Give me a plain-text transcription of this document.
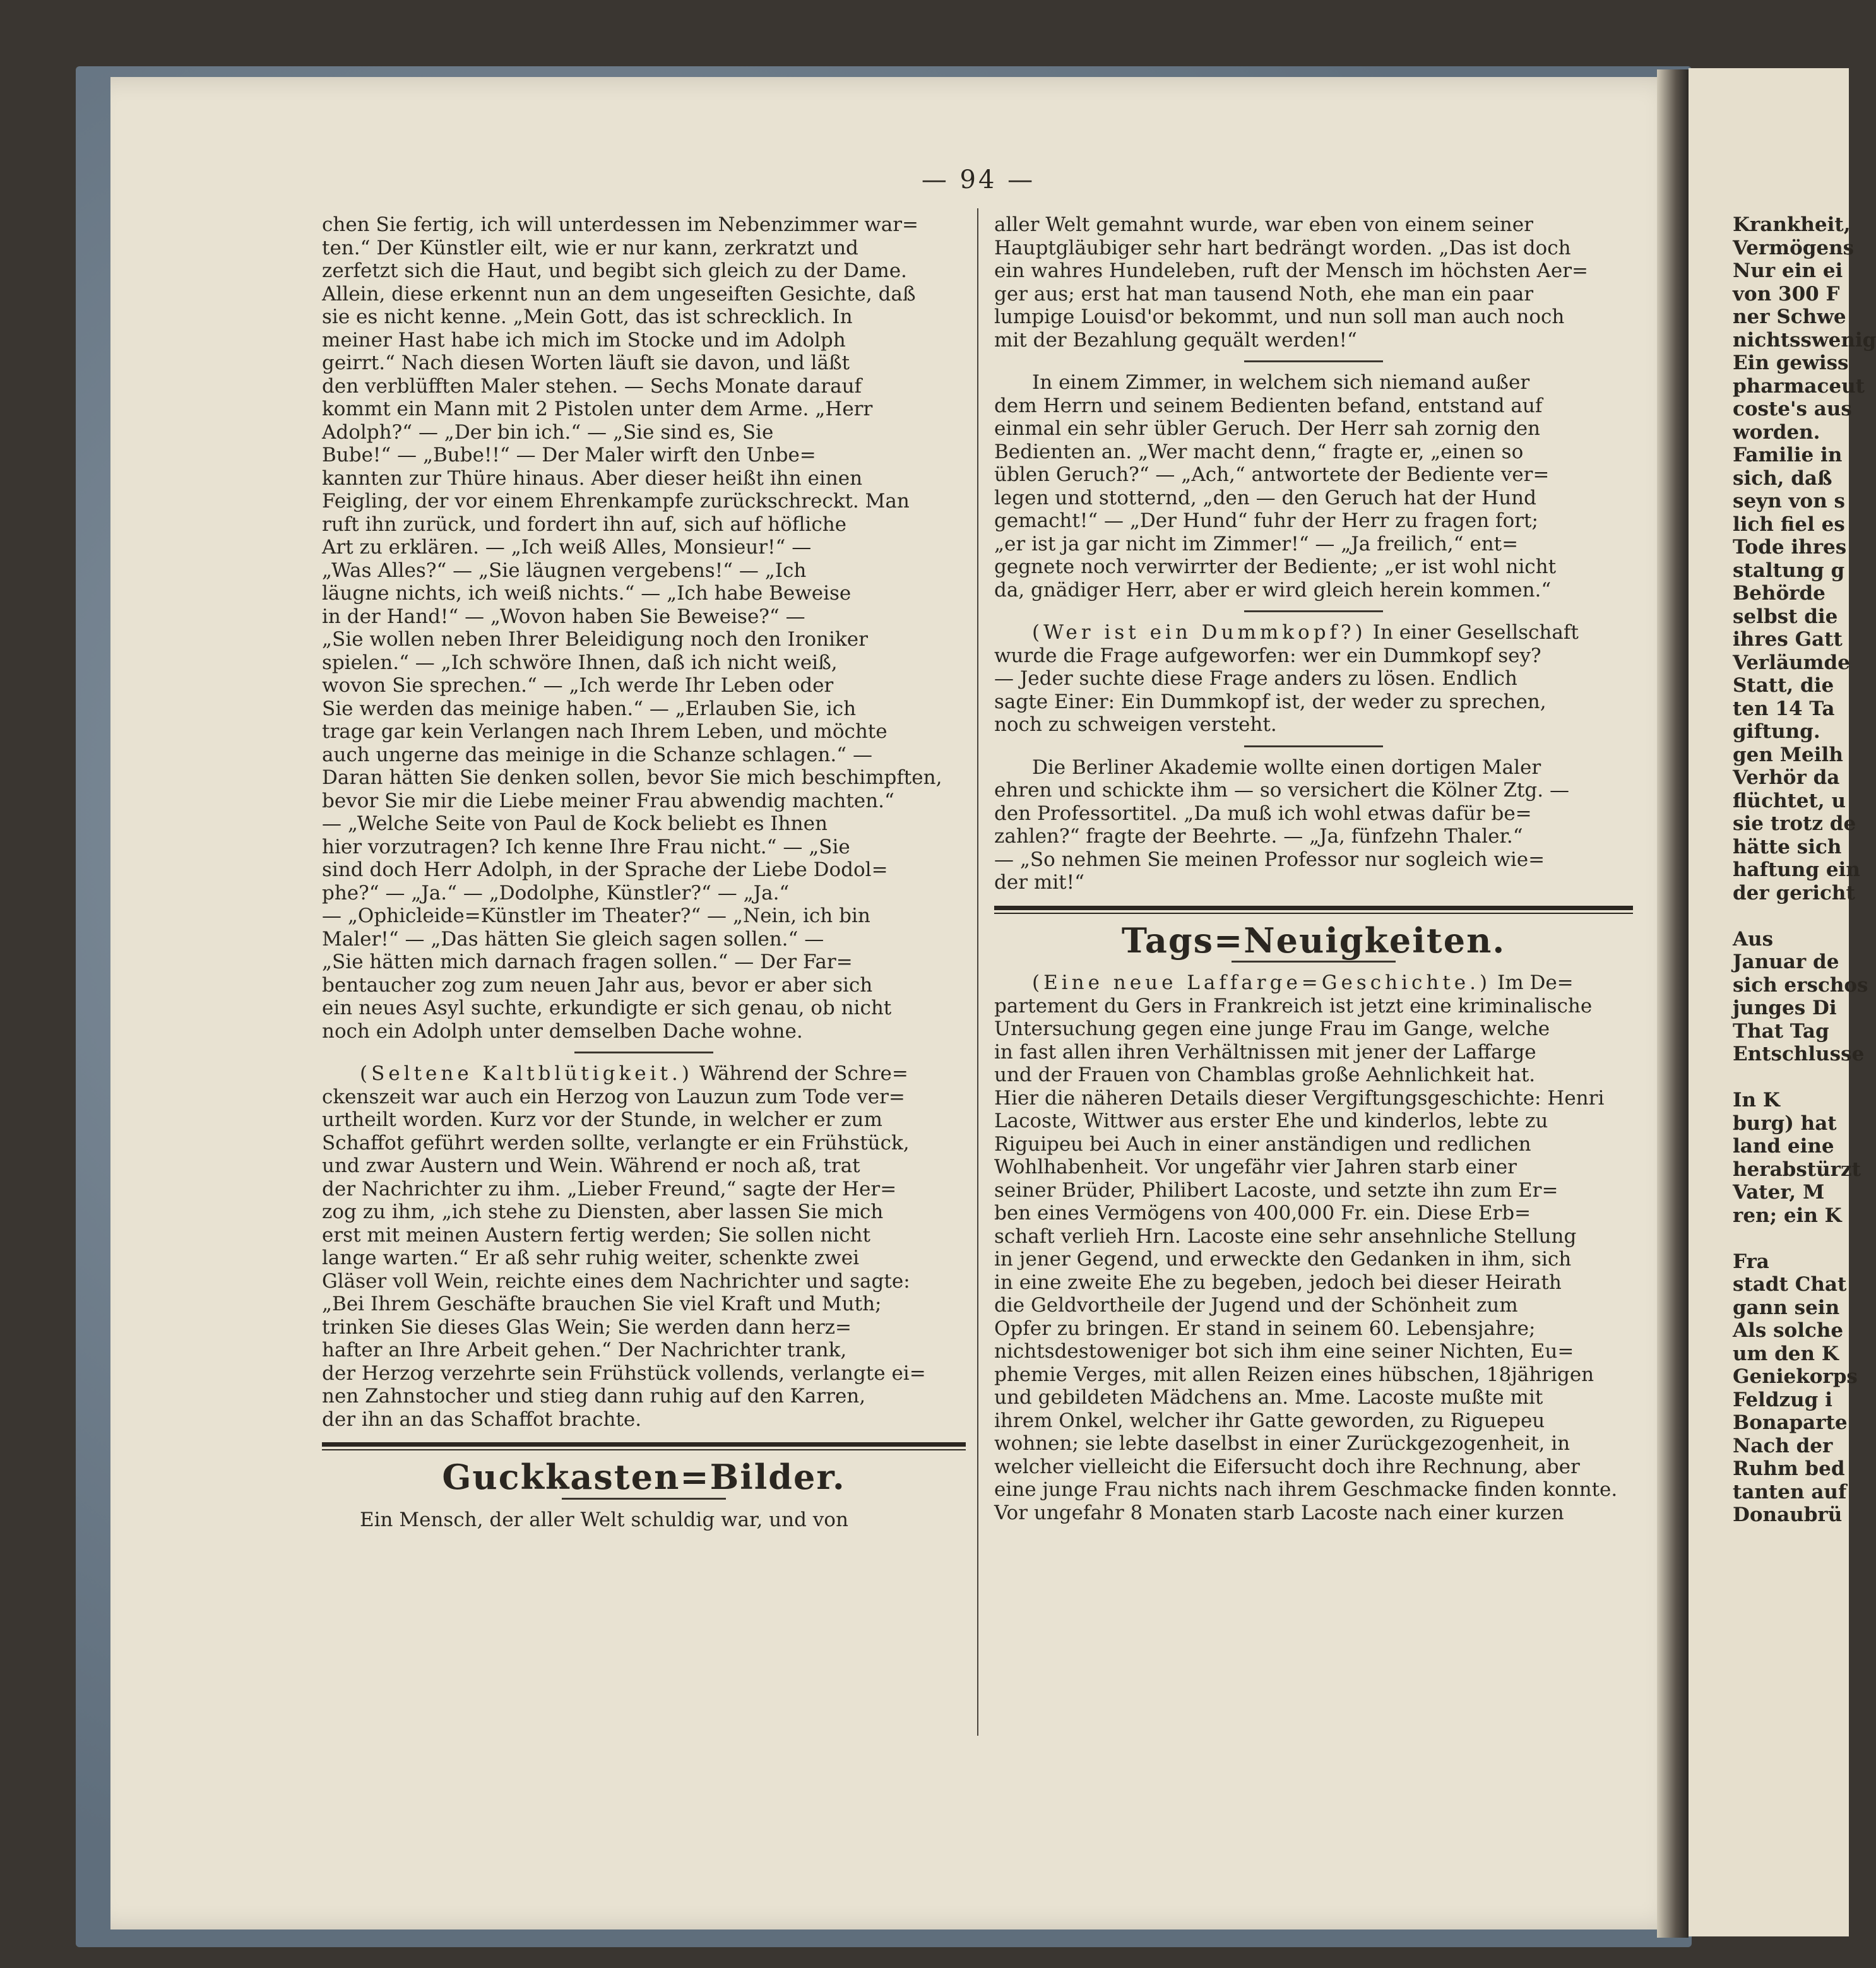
— 94 —
chen Sie fertig, ich will unterdessen im Nebenzimmer war=
ten.“ Der Künstler eilt, wie er nur kann, zerkratzt und
zerfetzt sich die Haut, und begibt sich gleich zu der Dame.
Allein, diese erkennt nun an dem ungeseiften Gesichte, daß
sie es nicht kenne. „Mein Gott, das ist schrecklich. In
meiner Hast habe ich mich im Stocke und im Adolph
geirrt.“ Nach diesen Worten läuft sie davon, und läßt
den verblüfften Maler stehen. — Sechs Monate darauf
kommt ein Mann mit 2 Pistolen unter dem Arme. „Herr
Adolph?“ — „Der bin ich.“ — „Sie sind es, Sie
Bube!“ — „Bube!!“ — Der Maler wirft den Unbe=
kannten zur Thüre hinaus. Aber dieser heißt ihn einen
Feigling, der vor einem Ehrenkampfe zurückschreckt. Man
ruft ihn zurück, und fordert ihn auf, sich auf höfliche
Art zu erklären. — „Ich weiß Alles, Monsieur!“ —
„Was Alles?“ — „Sie läugnen vergebens!“ — „Ich
läugne nichts, ich weiß nichts.“ — „Ich habe Beweise
in der Hand!“ — „Wovon haben Sie Beweise?“ —
„Sie wollen neben Ihrer Beleidigung noch den Ironiker
spielen.“ — „Ich schwöre Ihnen, daß ich nicht weiß,
wovon Sie sprechen.“ — „Ich werde Ihr Leben oder
Sie werden das meinige haben.“ — „Erlauben Sie, ich
trage gar kein Verlangen nach Ihrem Leben, und möchte
auch ungerne das meinige in die Schanze schlagen.“ —
Daran hätten Sie denken sollen, bevor Sie mich beschimpften,
bevor Sie mir die Liebe meiner Frau abwendig machten.“
— „Welche Seite von Paul de Kock beliebt es Ihnen
hier vorzutragen? Ich kenne Ihre Frau nicht.“ — „Sie
sind doch Herr Adolph, in der Sprache der Liebe Dodol=
phe?“ — „Ja.“ — „Dodolphe, Künstler?“ — „Ja.“
— „Ophicleide=Künstler im Theater?“ — „Nein, ich bin
Maler!“ — „Das hätten Sie gleich sagen sollen.“ —
„Sie hätten mich darnach fragen sollen.“ — Der Far=
bentaucher zog zum neuen Jahr aus, bevor er aber sich
ein neues Asyl suchte, erkundigte er sich genau, ob nicht
noch ein Adolph unter demselben Dache wohne.
(Seltene Kaltblütigkeit.) Während der Schre=
ckenszeit war auch ein Herzog von Lauzun zum Tode ver=
urtheilt worden. Kurz vor der Stunde, in welcher er zum
Schaffot geführt werden sollte, verlangte er ein Frühstück,
und zwar Austern und Wein. Während er noch aß, trat
der Nachrichter zu ihm. „Lieber Freund,“ sagte der Her=
zog zu ihm, „ich stehe zu Diensten, aber lassen Sie mich
erst mit meinen Austern fertig werden; Sie sollen nicht
lange warten.“ Er aß sehr ruhig weiter, schenkte zwei
Gläser voll Wein, reichte eines dem Nachrichter und sagte:
„Bei Ihrem Geschäfte brauchen Sie viel Kraft und Muth;
trinken Sie dieses Glas Wein; Sie werden dann herz=
hafter an Ihre Arbeit gehen.“ Der Nachrichter trank,
der Herzog verzehrte sein Frühstück vollends, verlangte ei=
nen Zahnstocher und stieg dann ruhig auf den Karren,
der ihn an das Schaffot brachte.
Guckkasten=Bilder.
Ein Mensch, der aller Welt schuldig war, und von
aller Welt gemahnt wurde, war eben von einem seiner
Hauptgläubiger sehr hart bedrängt worden. „Das ist doch
ein wahres Hundeleben, ruft der Mensch im höchsten Aer=
ger aus; erst hat man tausend Noth, ehe man ein paar
lumpige Louisd'or bekommt, und nun soll man auch noch
mit der Bezahlung gequält werden!“
In einem Zimmer, in welchem sich niemand außer
dem Herrn und seinem Bedienten befand, entstand auf
einmal ein sehr übler Geruch. Der Herr sah zornig den
Bedienten an. „Wer macht denn,“ fragte er, „einen so
üblen Geruch?“ — „Ach,“ antwortete der Bediente ver=
legen und stotternd, „den — den Geruch hat der Hund
gemacht!“ — „Der Hund“ fuhr der Herr zu fragen fort;
„er ist ja gar nicht im Zimmer!“ — „Ja freilich,“ ent=
gegnete noch verwirrter der Bediente; „er ist wohl nicht
da, gnädiger Herr, aber er wird gleich herein kommen.“
(Wer ist ein Dummkopf?) In einer Gesellschaft
wurde die Frage aufgeworfen: wer ein Dummkopf sey?
— Jeder suchte diese Frage anders zu lösen. Endlich
sagte Einer: Ein Dummkopf ist, der weder zu sprechen,
noch zu schweigen versteht.
Die Berliner Akademie wollte einen dortigen Maler
ehren und schickte ihm — so versichert die Kölner Ztg. —
den Professortitel. „Da muß ich wohl etwas dafür be=
zahlen?“ fragte der Beehrte. — „Ja, fünfzehn Thaler.“
— „So nehmen Sie meinen Professor nur sogleich wie=
der mit!“
Tags=Neuigkeiten.
(Eine neue Laffarge=Geschichte.) Im De=
partement du Gers in Frankreich ist jetzt eine kriminalische
Untersuchung gegen eine junge Frau im Gange, welche
in fast allen ihren Verhältnissen mit jener der Laffarge
und der Frauen von Chamblas große Aehnlichkeit hat.
Hier die näheren Details dieser Vergiftungsgeschichte: Henri
Lacoste, Wittwer aus erster Ehe und kinderlos, lebte zu
Riguipeu bei Auch in einer anständigen und redlichen
Wohlhabenheit. Vor ungefähr vier Jahren starb einer
seiner Brüder, Philibert Lacoste, und setzte ihn zum Er=
ben eines Vermögens von 400,000 Fr. ein. Diese Erb=
schaft verlieh Hrn. Lacoste eine sehr ansehnliche Stellung
in jener Gegend, und erweckte den Gedanken in ihm, sich
in eine zweite Ehe zu begeben, jedoch bei dieser Heirath
die Geldvortheile der Jugend und der Schönheit zum
Opfer zu bringen. Er stand in seinem 60. Lebensjahre;
nichtsdestoweniger bot sich ihm eine seiner Nichten, Eu=
phemie Verges, mit allen Reizen eines hübschen, 18jährigen
und gebildeten Mädchens an. Mme. Lacoste mußte mit
ihrem Onkel, welcher ihr Gatte geworden, zu Riguepeu
wohnen; sie lebte daselbst in einer Zurückgezogenheit, in
welcher vielleicht die Eifersucht doch ihre Rechnung, aber
eine junge Frau nichts nach ihrem Geschmacke finden konnte.
Vor ungefahr 8 Monaten starb Lacoste nach einer kurzen
Krankheit,
Vermögens
Nur ein ei
von 300 F
ner Schwe
nichtsswenig
Ein gewiss
pharmaceut
coste's aus
worden.
Familie in
sich, daß
seyn von s
lich fiel es
Tode ihres
staltung g
Behörde
selbst die
ihres Gatt
Verläumde
Statt, die
ten 14 Ta
giftung.
gen Meilh
Verhör da
flüchtet, u
sie trotz de
hätte sich
haftung ein
der gericht

Aus
Januar de
sich erschos
junges Di
That Tag
Entschlusse

In K
burg) hat
land eine
herabstürzt
Vater, M
ren; ein K

Fra
stadt Chat
gann sein
Als solche
um den K
Geniekorps
Feldzug i
Bonaparte
Nach der
Ruhm bed
tanten auf
Donaubrü
